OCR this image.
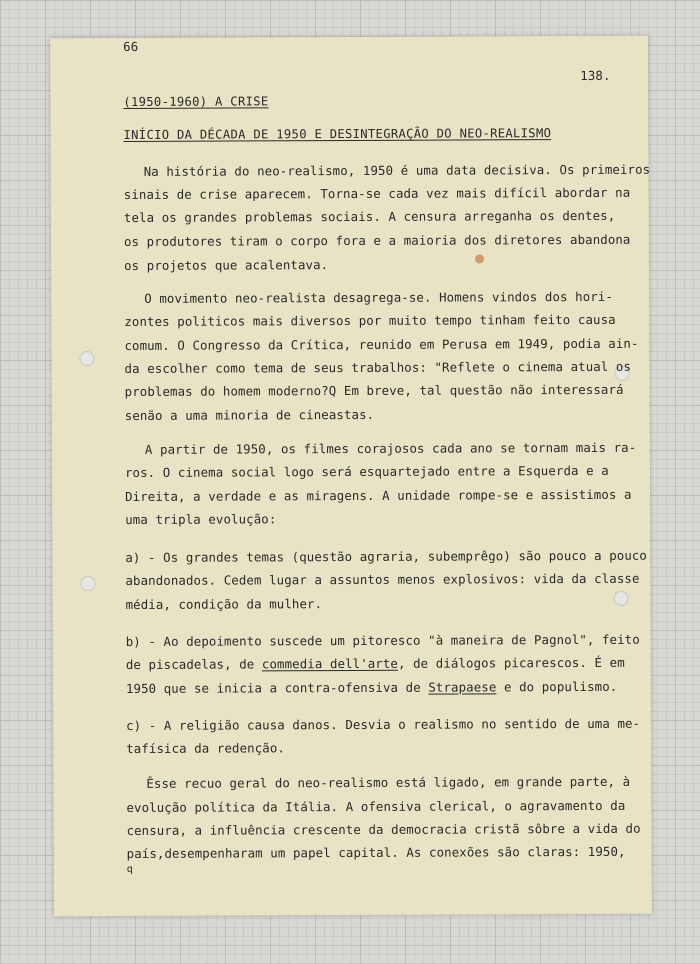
66
138.
(1950-1960) A CRISE
INÍCIO DA DÉCADA DE 1950 E DESINTEGRAÇÃO DO NEO-REALISMO
Na história do neo-realismo, 1950 é uma data decisiva. Os primeiros
sinais de crise aparecem. Torna-se cada vez mais difícil abordar na
tela os grandes problemas sociais. A censura arreganha os dentes,
os produtores tiram o corpo fora e a maioria dos diretores abandona
os projetos que acalentava.
O movimento neo-realista desagrega-se. Homens vindos dos hori-
zontes politicos mais diversos por muito tempo tinham feito causa
comum. O Congresso da Crítica, reunido em Perusa em 1949, podia ain-
da escolher como tema de seus trabalhos: "Reflete o cinema atual os
problemas do homem moderno?Q Em breve, tal questão não interessará
senão a uma minoria de cineastas.
A partir de 1950, os filmes corajosos cada ano se tornam mais ra-
ros. O cinema social logo será esquartejado entre a Esquerda e a
Direita, a verdade e as miragens. A unidade rompe-se e assistimos a
uma tripla evolução:
a) - Os grandes temas (questão agraria, subemprêgo) são pouco a pouco
abandonados. Cedem lugar a assuntos menos explosivos: vida da classe
média, condição da mulher.
b) - Ao depoimento suscede um pitoresco "à maneira de Pagnol", feito
de piscadelas, de commedia dell'arte, de diálogos picarescos. É em
1950 que se inicia a contra-ofensiva de Strapaese e do populismo.
c) - A religião causa danos. Desvia o realismo no sentido de uma me-
tafísica da redenção.
Êsse recuo geral do neo-realismo está ligado, em grande parte, à
evolução política da Itália. A ofensiva clerical, o agravamento da
censura, a influência crescente da democracia cristã sôbre a vida do
país,desempenharam um papel capital. As conexões são claras: 1950,
q
